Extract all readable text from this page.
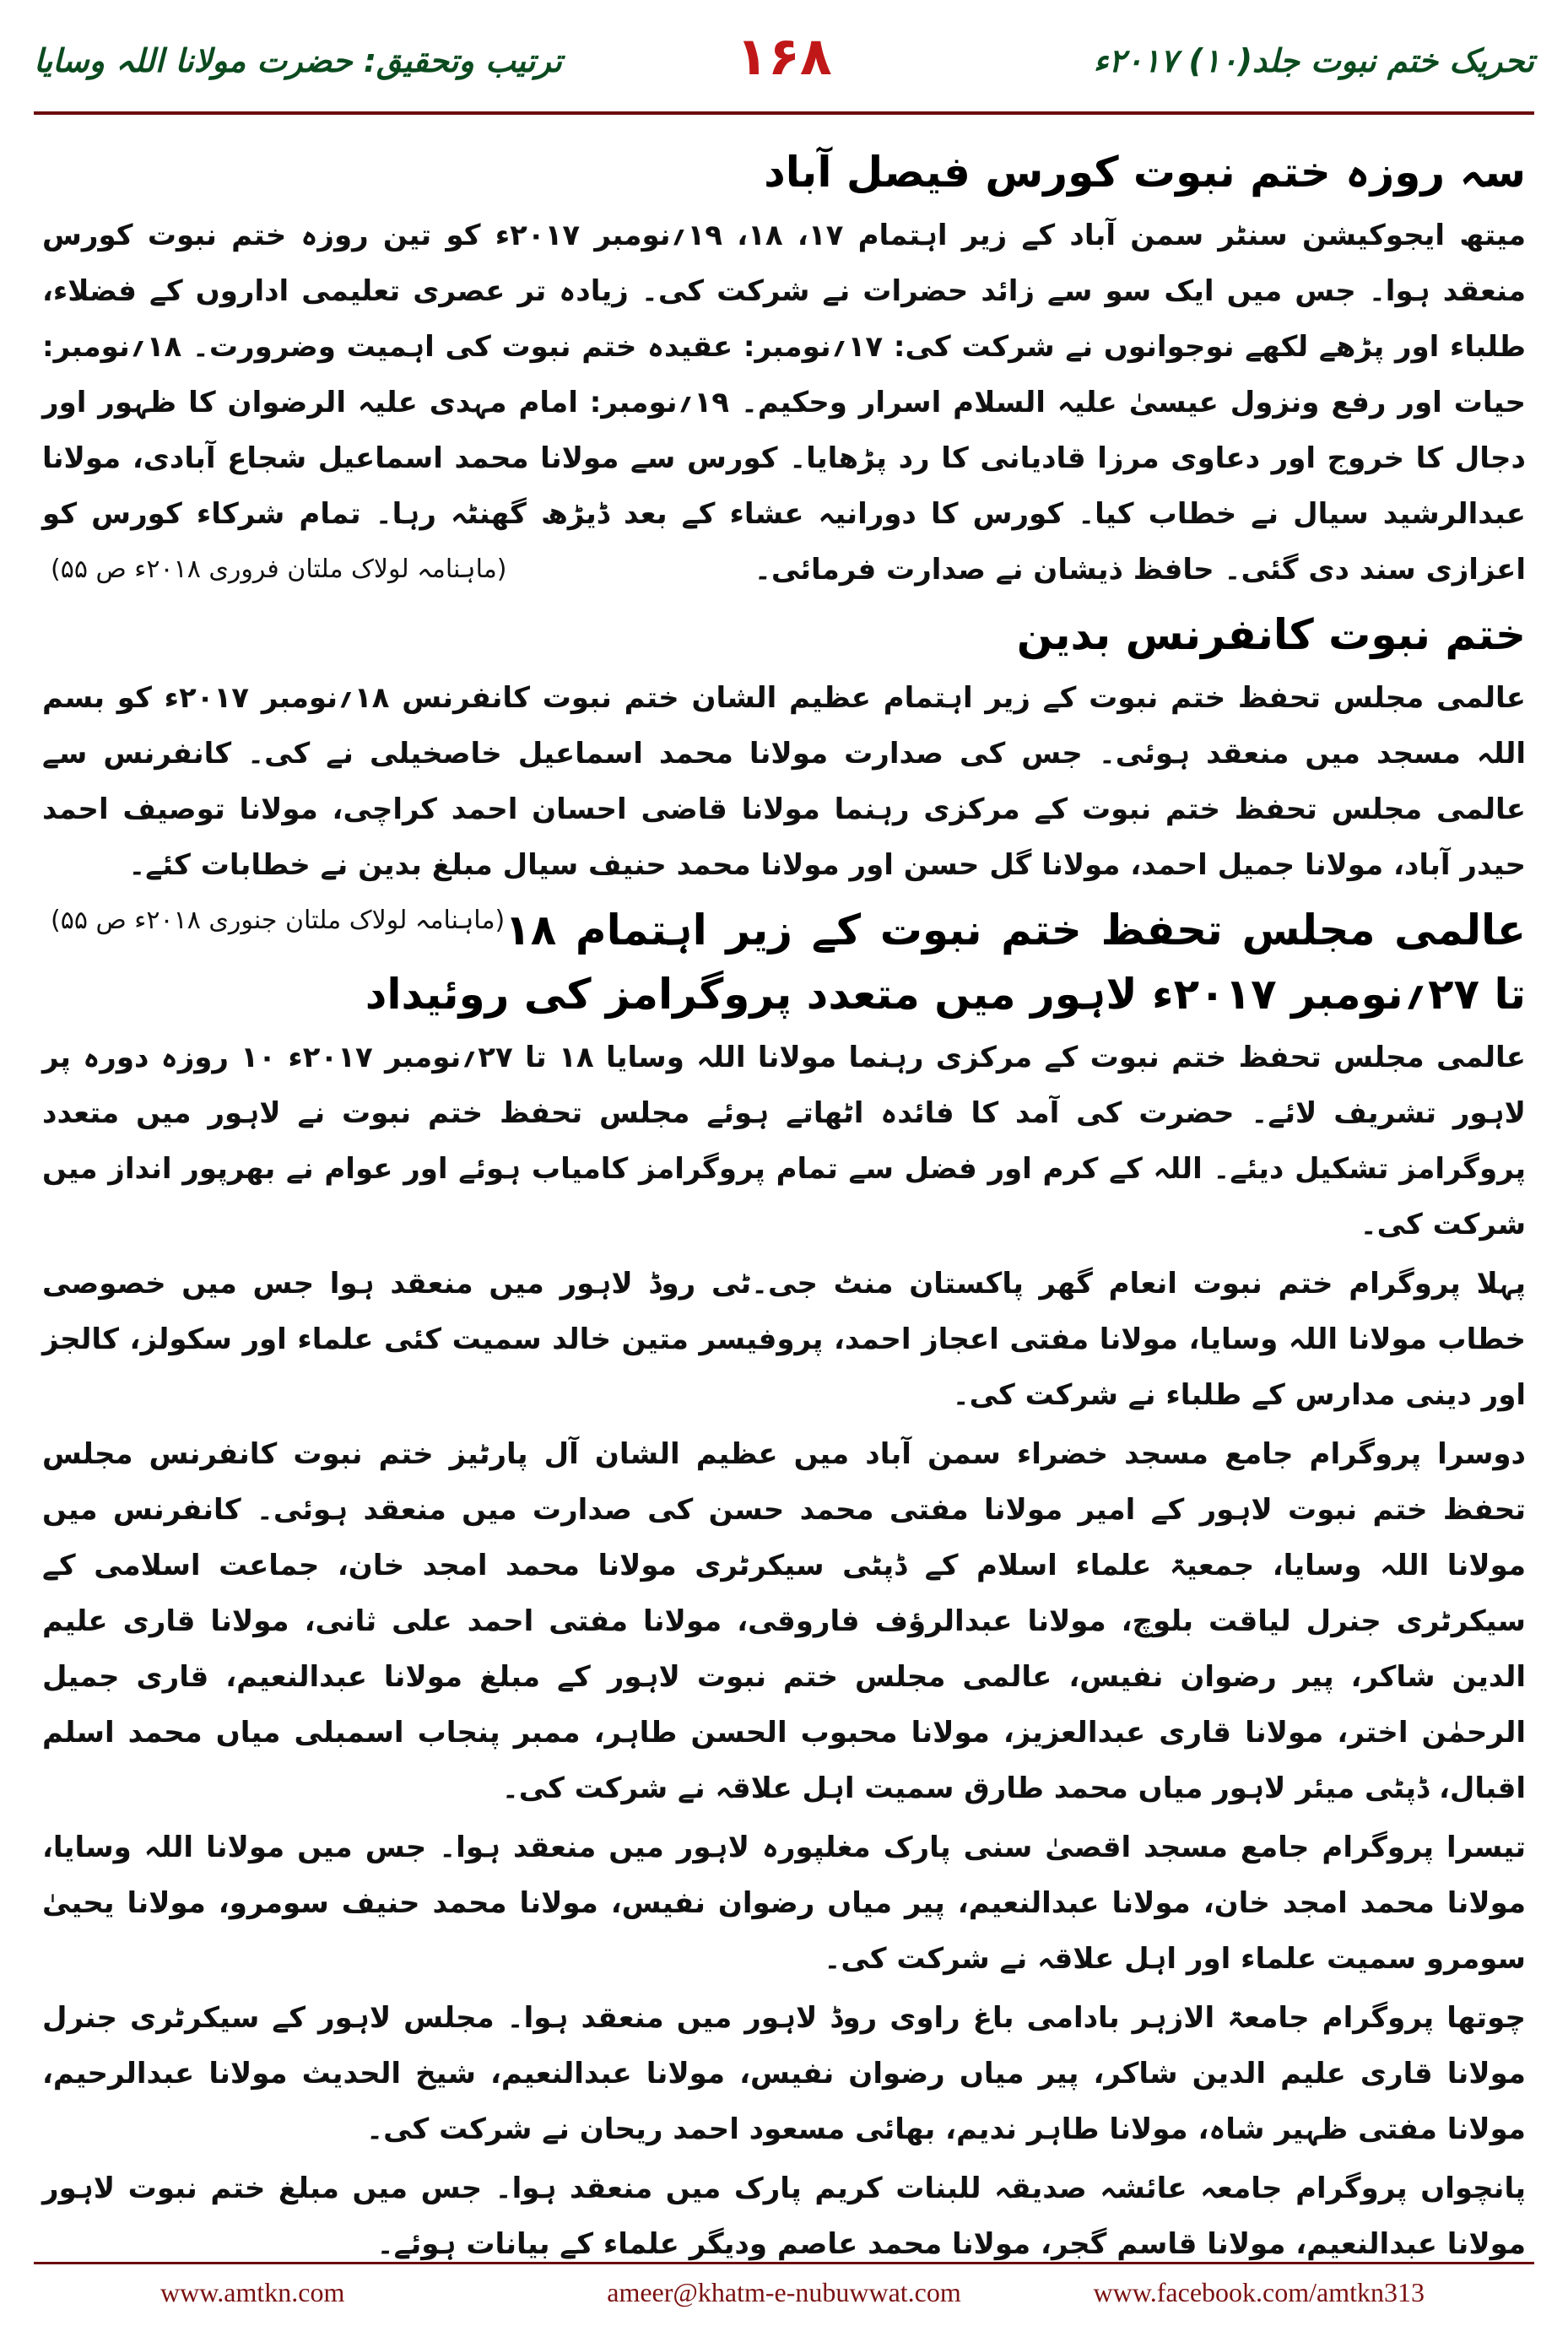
ترتیب وتحقیق: حضرت مولانا اللہ وسایا	۱۶۸	تحریک ختم نبوت جلد(۱۰) ۲۰۱۷ء
سہ روزہ ختم نبوت کورس فیصل آباد

میتھ ایجوکیشن سنٹر سمن آباد کے زیر اہتمام ۱۷، ۱۸، ۱۹؍نومبر ۲۰۱۷ء کو تین روزہ ختم نبوت کورس منعقد ہوا۔ جس میں ایک سو سے زائد حضرات نے شرکت کی۔ زیادہ تر عصری تعلیمی اداروں کے فضلاء، طلباء اور پڑھے لکھے نوجوانوں نے شرکت کی: ۱۷؍نومبر: عقیدہ ختم نبوت کی اہمیت وضرورت۔ ۱۸؍نومبر: حیات اور رفع ونزول عیسیٰ علیہ السلام اسرار وحکیم۔ ۱۹؍نومبر: امام مہدی علیہ الرضوان کا ظہور اور دجال کا خروج اور دعاوی مرزا قادیانی کا رد پڑھایا۔ کورس سے مولانا محمد اسماعیل شجاع آبادی، مولانا عبدالرشید سیال نے خطاب کیا۔ کورس کا دورانیہ عشاء کے بعد ڈیڑھ گھنٹہ رہا۔ تمام شرکاء کورس کو اعزازی سند دی گئی۔ حافظ ذیشان نے صدارت فرمائی۔
(ماہنامہ لولاک ملتان فروری ۲۰۱۸ء ص ۵۵)

ختم نبوت کانفرنس بدین

عالمی مجلس تحفظ ختم نبوت کے زیر اہتمام عظیم الشان ختم نبوت کانفرنس ۱۸؍نومبر ۲۰۱۷ء کو بسم اللہ مسجد میں منعقد ہوئی۔ جس کی صدارت مولانا محمد اسماعیل خاصخیلی نے کی۔ کانفرنس سے عالمی مجلس تحفظ ختم نبوت کے مرکزی رہنما مولانا قاضی احسان احمد کراچی، مولانا توصیف احمد حیدر آباد، مولانا جمیل احمد، مولانا گل حسن اور مولانا محمد حنیف سیال مبلغ بدین نے خطابات کئے۔
(ماہنامہ لولاک ملتان جنوری ۲۰۱۸ء ص ۵۵) عالمی مجلس تحفظ ختم نبوت کے زیر اہتمام ۱۸ تا ۲۷؍نومبر ۲۰۱۷ء لاہور میں متعدد پروگرامز کی روئیداد

عالمی مجلس تحفظ ختم نبوت کے مرکزی رہنما مولانا اللہ وسایا ۱۸ تا ۲۷؍نومبر ۲۰۱۷ء ۱۰ روزہ دورہ پر لاہور تشریف لائے۔ حضرت کی آمد کا فائدہ اٹھاتے ہوئے مجلس تحفظ ختم نبوت نے لاہور میں متعدد پروگرامز تشکیل دیئے۔ اللہ کے کرم اور فضل سے تمام پروگرامز کامیاب ہوئے اور عوام نے بھرپور انداز میں شرکت کی۔

پہلا پروگرام ختم نبوت انعام گھر پاکستان منٹ جی۔ٹی روڈ لاہور میں منعقد ہوا جس میں خصوصی خطاب مولانا اللہ وسایا، مولانا مفتی اعجاز احمد، پروفیسر متین خالد سمیت کئی علماء اور سکولز، کالجز اور دینی مدارس کے طلباء نے شرکت کی۔

دوسرا پروگرام جامع مسجد خضراء سمن آباد میں عظیم الشان آل پارٹیز ختم نبوت کانفرنس مجلس تحفظ ختم نبوت لاہور کے امیر مولانا مفتی محمد حسن کی صدارت میں منعقد ہوئی۔ کانفرنس میں مولانا اللہ وسایا، جمعیۃ علماء اسلام کے ڈپٹی سیکرٹری مولانا محمد امجد خان، جماعت اسلامی کے سیکرٹری جنرل لیاقت بلوچ، مولانا عبدالرؤف فاروقی، مولانا مفتی احمد علی ثانی، مولانا قاری علیم الدین شاکر، پیر رضوان نفیس، عالمی مجلس ختم نبوت لاہور کے مبلغ مولانا عبدالنعیم، قاری جمیل الرحمٰن اختر، مولانا قاری عبدالعزیز، مولانا محبوب الحسن طاہر، ممبر پنجاب اسمبلی میاں محمد اسلم اقبال، ڈپٹی میئر لاہور میاں محمد طارق سمیت اہل علاقہ نے شرکت کی۔

تیسرا پروگرام جامع مسجد اقصیٰ سنی پارک مغلپورہ لاہور میں منعقد ہوا۔ جس میں مولانا اللہ وسایا، مولانا محمد امجد خان، مولانا عبدالنعیم، پیر میاں رضوان نفیس، مولانا محمد حنیف سومرو، مولانا یحییٰ سومرو سمیت علماء اور اہل علاقہ نے شرکت کی۔

چوتھا پروگرام جامعۃ الازہر بادامی باغ راوی روڈ لاہور میں منعقد ہوا۔ مجلس لاہور کے سیکرٹری جنرل مولانا قاری علیم الدین شاکر، پیر میاں رضوان نفیس، مولانا عبدالنعیم، شیخ الحدیث مولانا عبدالرحیم، مولانا مفتی ظہیر شاہ، مولانا طاہر ندیم، بھائی مسعود احمد ریحان نے شرکت کی۔

پانچواں پروگرام جامعہ عائشہ صدیقہ للبنات کریم پارک میں منعقد ہوا۔ جس میں مبلغ ختم نبوت لاہور مولانا عبدالنعیم، مولانا قاسم گجر، مولانا محمد عاصم ودیگر علماء کے بیانات ہوئے۔

www.amtkn.com	ameer@khatm-e-nubuwwat.com	www.facebook.com/amtkn313
